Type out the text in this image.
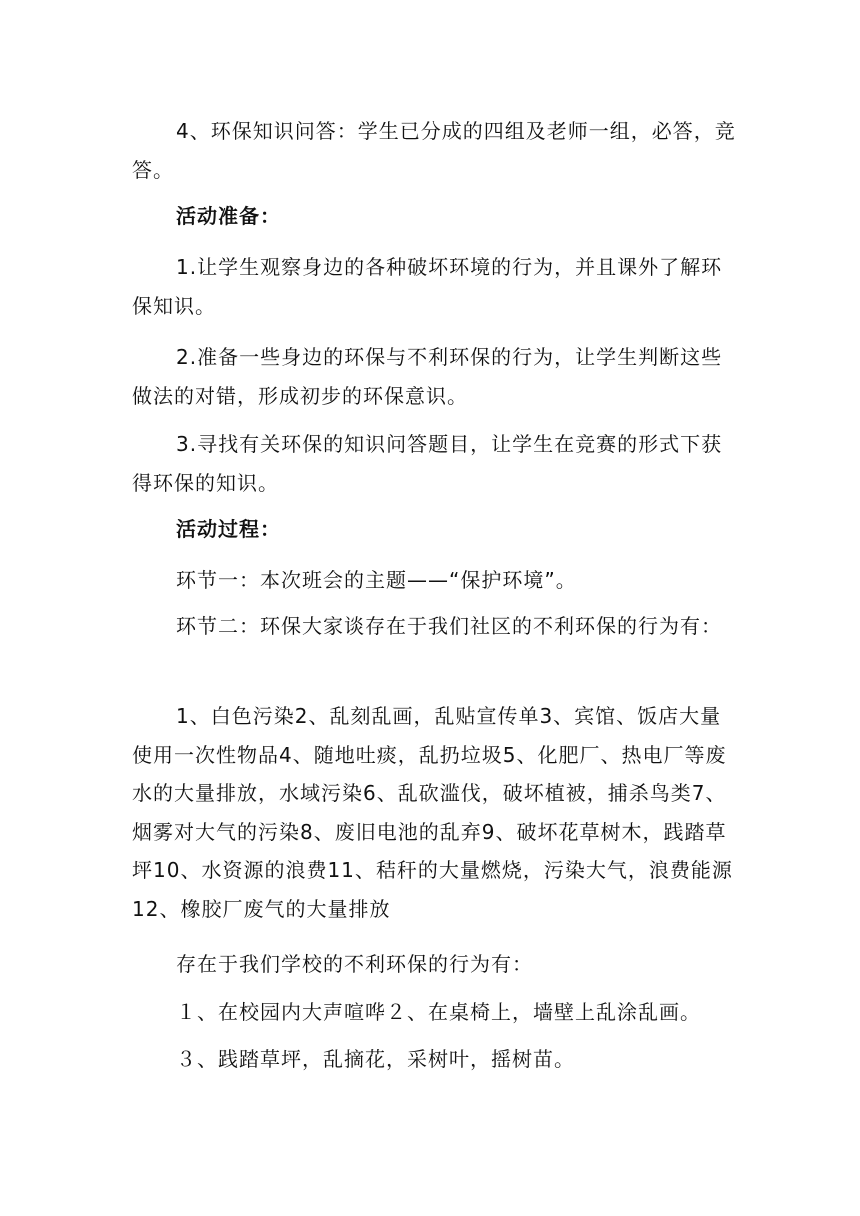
4、环保知识问答：学生已分成的四组及老师一组，必答，竞答。

活动准备：

1.让学生观察身边的各种破坏环境的行为，并且课外了解环保知识。

2.准备一些身边的环保与不利环保的行为，让学生判断这些做法的对错，形成初步的环保意识。

3.寻找有关环保的知识问答题目，让学生在竞赛的形式下获得环保的知识。

活动过程：

环节一：本次班会的主题——“保护环境”。

环节二：环保大家谈存在于我们社区的不利环保的行为有：

1、白色污染2、乱刻乱画，乱贴宣传单3、宾馆、饭店大量使用一次性物品4、随地吐痰，乱扔垃圾5、化肥厂、热电厂等废水的大量排放，水域污染6、乱砍滥伐，破坏植被，捕杀鸟类7、烟雾对大气的污染8、废旧电池的乱弃9、破坏花草树木，践踏草坪10、水资源的浪费11、秸秆的大量燃烧，污染大气，浪费能源12、橡胶厂废气的大量排放

存在于我们学校的不利环保的行为有：

１、在校园内大声喧哗２、在桌椅上，墙壁上乱涂乱画。

３、践踏草坪，乱摘花，采树叶，摇树苗。
